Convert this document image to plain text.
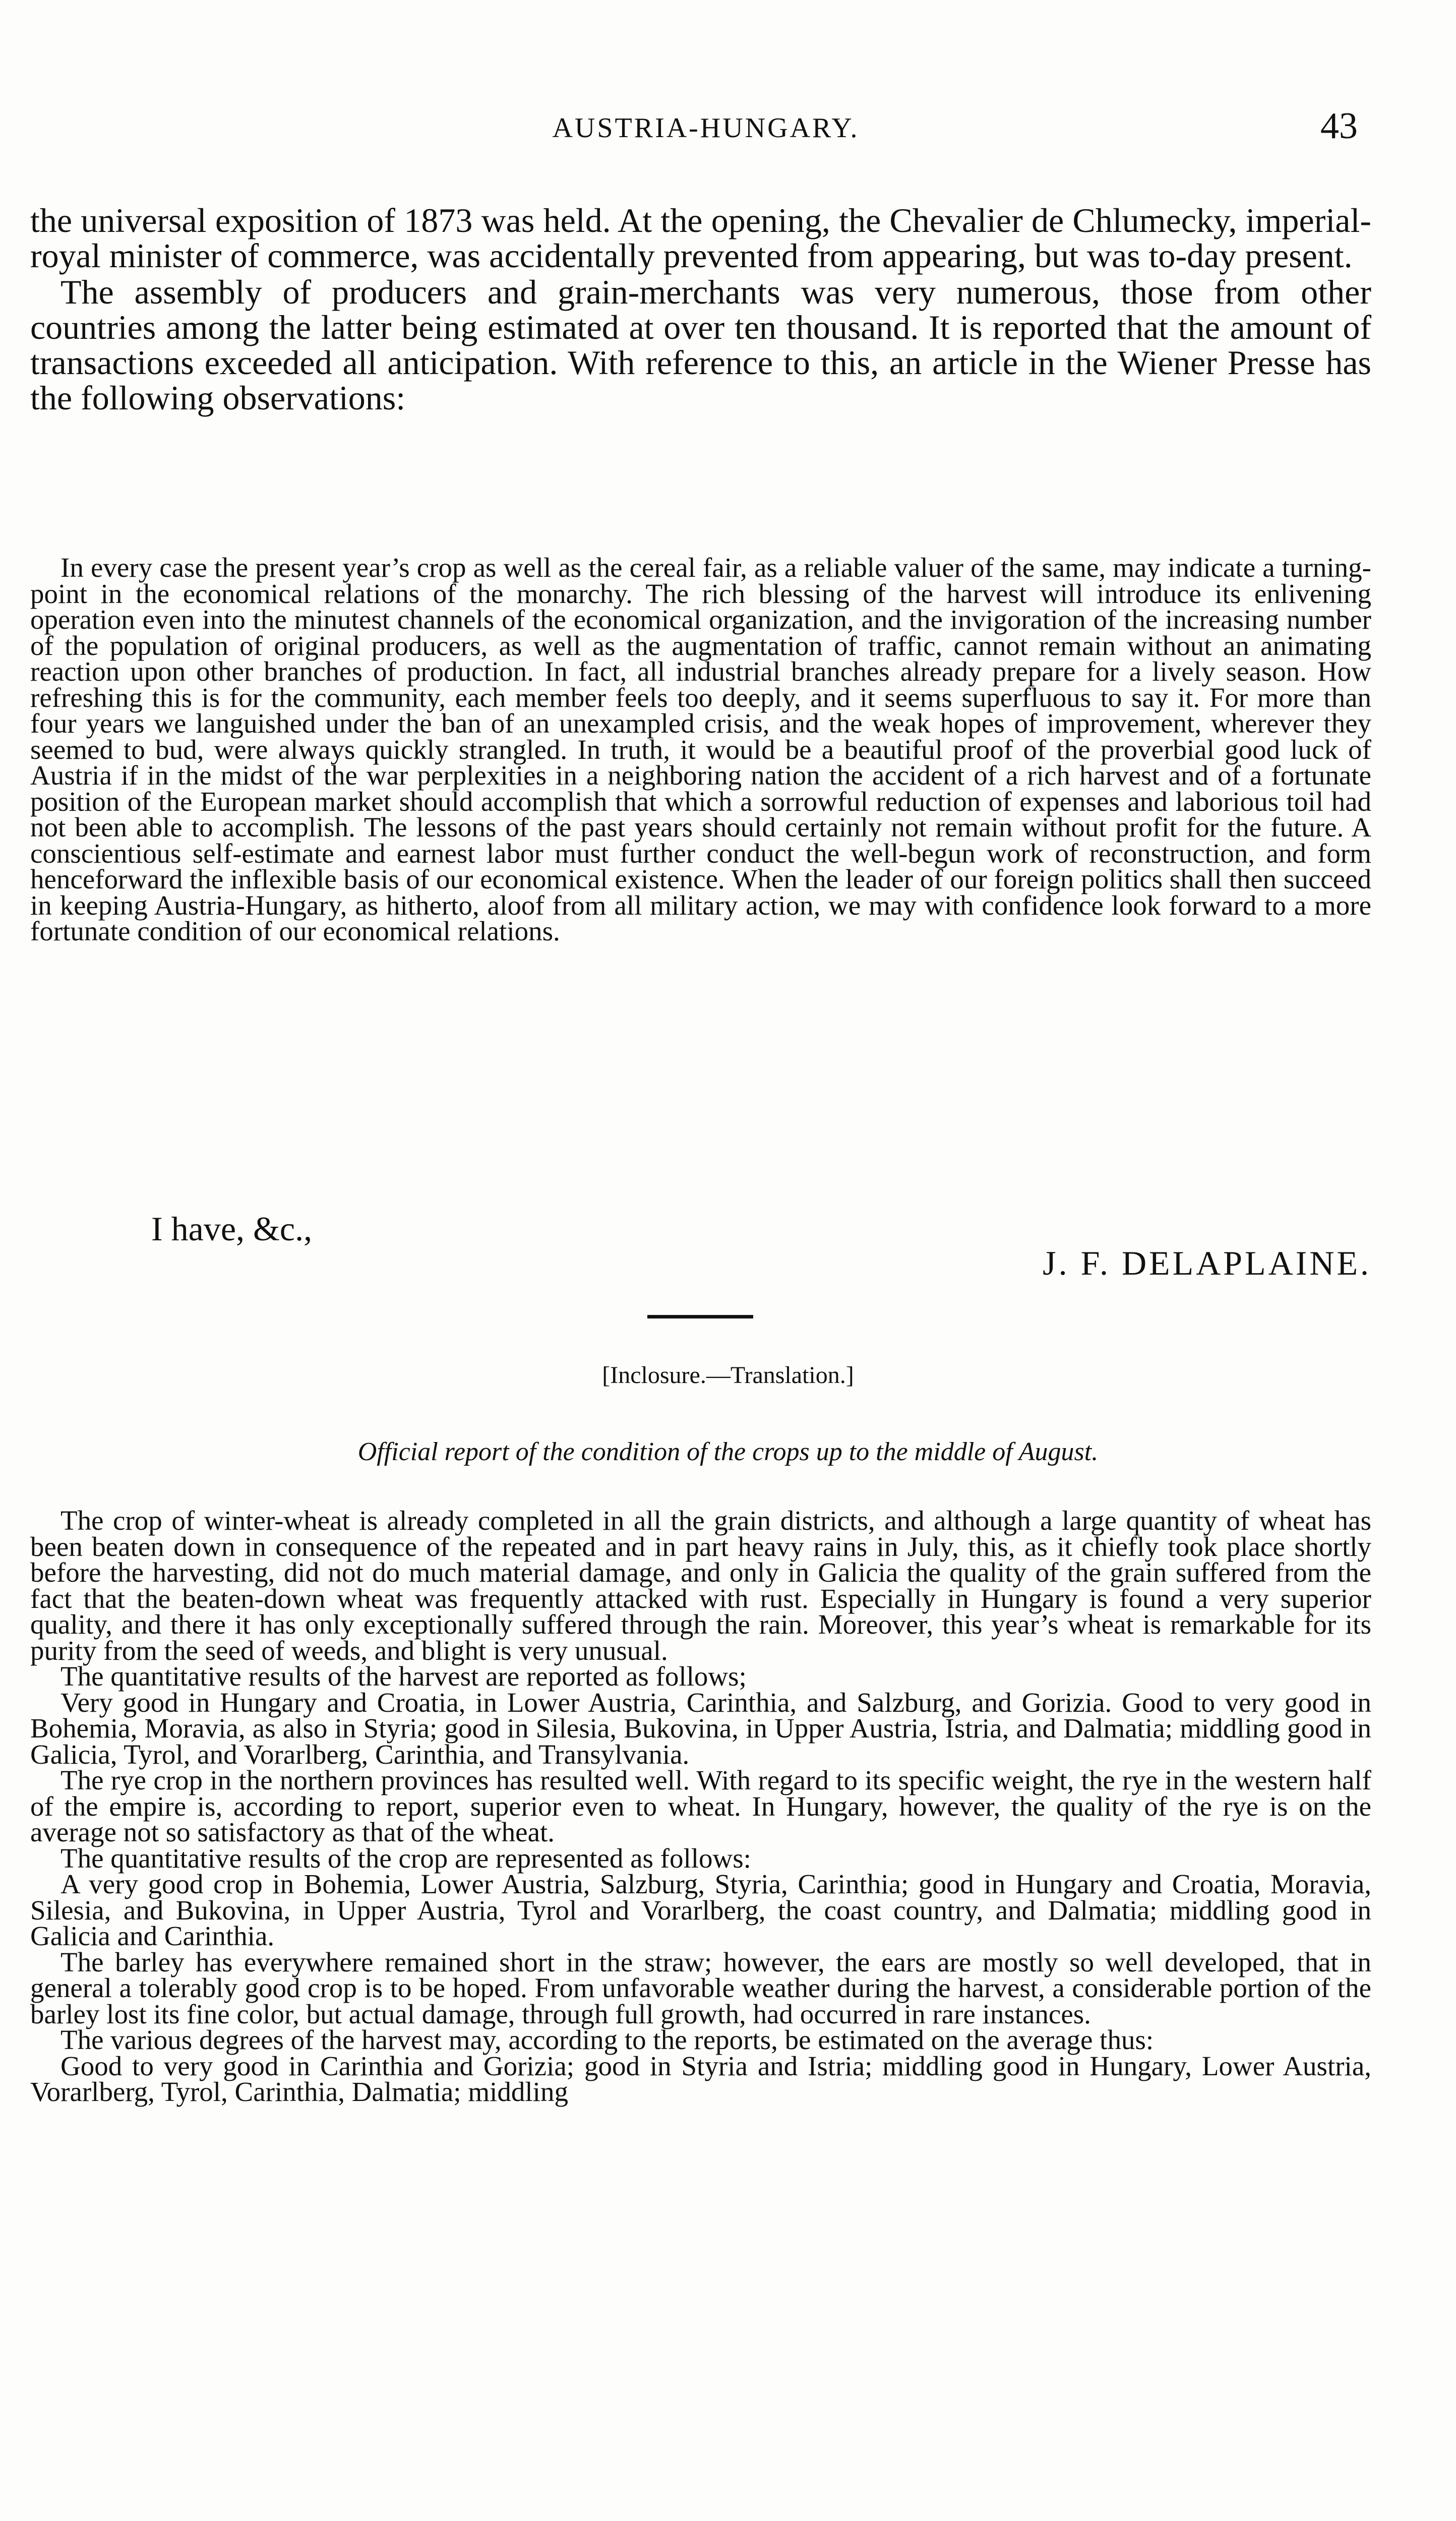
AUSTRIA-HUNGARY.	43

the universal exposition of 1873 was held. At the opening, the Chevalier de Chlumecky, imperial-royal minister of commerce, was accidentally prevented from appearing, but was to-day present.

The assembly of producers and grain-merchants was very numerous, those from other countries among the latter being estimated at over ten thousand. It is reported that the amount of transactions exceeded all anticipation. With reference to this, an article in the Wiener Presse has the following observations:

In every case the present year’s crop as well as the cereal fair, as a reliable valuer of the same, may indicate a turning-point in the economical relations of the monarchy. The rich blessing of the harvest will introduce its enlivening operation even into the minutest channels of the economical organization, and the invigoration of the increasing number of the population of original producers, as well as the augmentation of traffic, cannot remain without an animating reaction upon other branches of production. In fact, all industrial branches already prepare for a lively season. How refreshing this is for the community, each member feels too deeply, and it seems superfluous to say it. For more than four years we languished under the ban of an unexampled crisis, and the weak hopes of improvement, wherever they seemed to bud, were always quickly strangled. In truth, it would be a beautiful proof of the proverbial good luck of Austria if in the midst of the war perplexities in a neighboring nation the accident of a rich harvest and of a fortunate position of the European market should accomplish that which a sorrowful reduction of expenses and laborious toil had not been able to accomplish. The lessons of the past years should certainly not remain without profit for the future. A conscientious self-estimate and earnest labor must further conduct the well-begun work of reconstruction, and form henceforward the inflexible basis of our economical existence. When the leader of our foreign politics shall then succeed in keeping Austria-Hungary, as hitherto, aloof from all military action, we may with confidence look forward to a more fortunate condition of our economical relations.

I have, &c.,
J. F. DELAPLAINE.
[Inclosure.—Translation.]
Official report of the condition of the crops up to the middle of August.

The crop of winter-wheat is already completed in all the grain districts, and although a large quantity of wheat has been beaten down in consequence of the repeated and in part heavy rains in July, this, as it chiefly took place shortly before the harvesting, did not do much material damage, and only in Galicia the quality of the grain suffered from the fact that the beaten-down wheat was frequently attacked with rust. Especially in Hungary is found a very superior quality, and there it has only exceptionally suffered through the rain. Moreover, this year’s wheat is remarkable for its purity from the seed of weeds, and blight is very unusual.

The quantitative results of the harvest are reported as follows;

Very good in Hungary and Croatia, in Lower Austria, Carinthia, and Salzburg, and Gorizia. Good to very good in Bohemia, Moravia, as also in Styria; good in Silesia, Bukovina, in Upper Austria, Istria, and Dalmatia; middling good in Galicia, Tyrol, and Vorarlberg, Carinthia, and Transylvania.

The rye crop in the northern provinces has resulted well. With regard to its specific weight, the rye in the western half of the empire is, according to report, superior even to wheat. In Hungary, however, the quality of the rye is on the average not so satisfactory as that of the wheat.

The quantitative results of the crop are represented as follows:

A very good crop in Bohemia, Lower Austria, Salzburg, Styria, Carinthia; good in Hungary and Croatia, Moravia, Silesia, and Bukovina, in Upper Austria, Tyrol and Vorarlberg, the coast country, and Dalmatia; middling good in Galicia and Carinthia.

The barley has everywhere remained short in the straw; however, the ears are mostly so well developed, that in general a tolerably good crop is to be hoped. From unfavorable weather during the harvest, a considerable portion of the barley lost its fine color, but actual damage, through full growth, had occurred in rare instances.

The various degrees of the harvest may, according to the reports, be estimated on the average thus:

Good to very good in Carinthia and Gorizia; good in Styria and Istria; middling good in Hungary, Lower Austria, Vorarlberg, Tyrol, Carinthia, Dalmatia; middling
